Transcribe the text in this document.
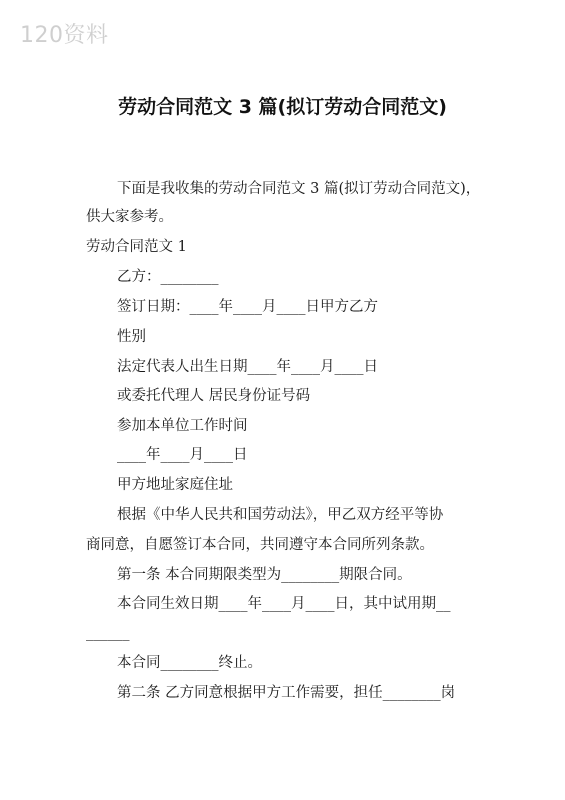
120资料
劳动合同范文 3 篇(拟订劳动合同范文)
下面是我收集的劳动合同范文 3 篇(拟订劳动合同范文)，
供大家参考。
劳动合同范文 1
乙方：________
签订日期：____年____月____日甲方乙方
性别
法定代表人出生日期____年____月____日
或委托代理人 居民身份证号码
参加本单位工作时间
____年____月____日
甲方地址家庭住址
根据《中华人民共和国劳动法》，甲乙双方经平等协
商同意，自愿签订本合同，共同遵守本合同所列条款。
第一条 本合同期限类型为________期限合同。
本合同生效日期____年____月____日，其中试用期__
______
本合同________终止。
第二条 乙方同意根据甲方工作需要，担任________岗
